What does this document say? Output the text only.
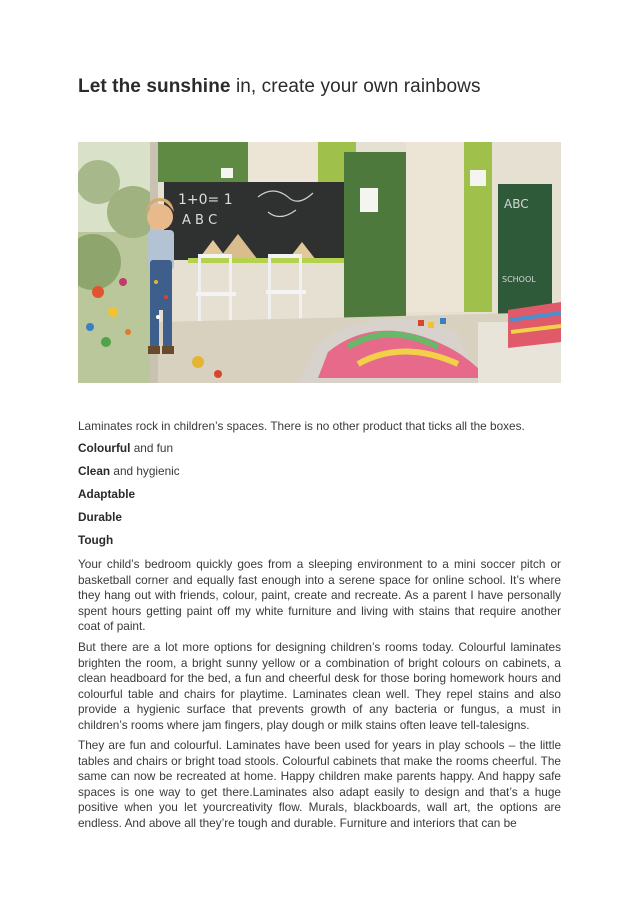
Let the sunshine in, create your own rainbows
1+0= 1
A B C
ABC
SCHOOL

Laminates rock in children’s spaces. There is no other product that ticks all the boxes.

Colourful and fun
Clean and hygienic
Adaptable
Durable
Tough

Your child’s bedroom quickly goes from a sleeping environment to a mini soccer pitch or basketball corner and equally fast enough into a serene space for online school. It’s where they hang out with friends, colour, paint, create and recreate. As a parent I have personally spent hours getting paint off my white furniture and living with stains that require another coat of paint.

But there are a lot more options for designing children’s rooms today. Colourful laminates brighten the room, a bright sunny yellow or a combination of bright colours on cabinets, a clean headboard for the bed, a fun and cheerful desk for those boring homework hours and colourful table and chairs for playtime. Laminates clean well. They repel stains and also provide a hygienic surface that prevents growth of any bacteria or fungus, a must in children’s rooms where jam fingers, play dough or milk stains often leave tell-talesigns.

They are fun and colourful. Laminates have been used for years in play schools – the little tables and chairs or bright toad stools. Colourful cabinets that make the rooms cheerful. The same can now be recreated at home. Happy children make parents happy. And happy safe spaces is one way to get there.Laminates also adapt easily to design and that’s a huge positive when you let yourcreativity flow. Murals, blackboards, wall art, the options are endless. And above all they’re tough and durable. Furniture and interiors that can be
